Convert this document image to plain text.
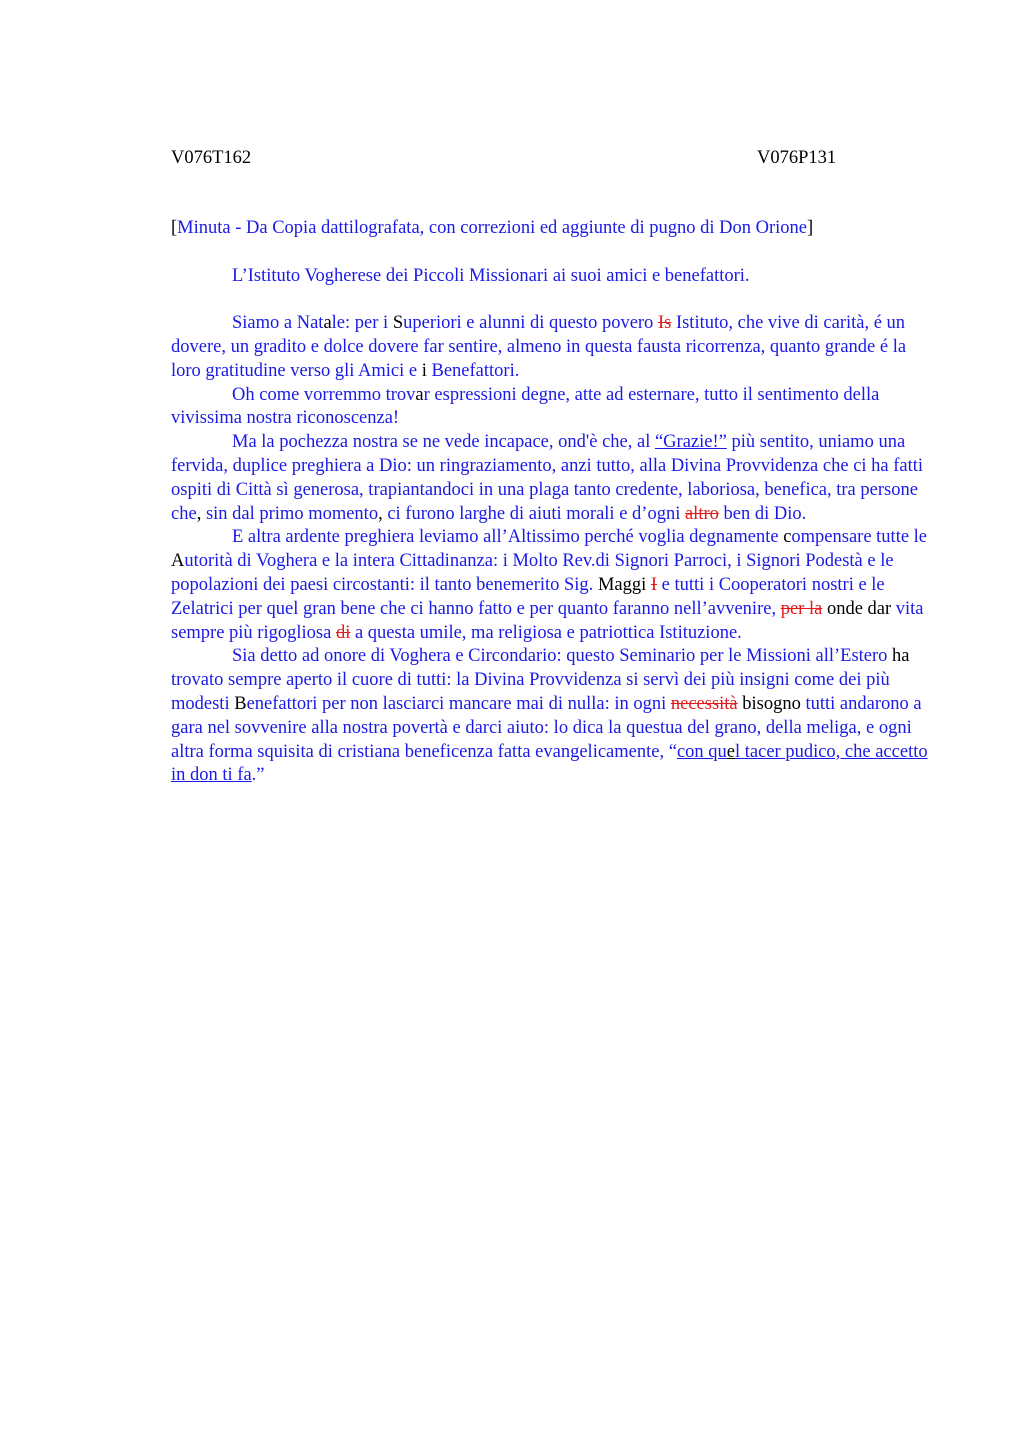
V076T162	V076P131

[Minuta - Da Copia dattilografata, con correzioni ed aggiunte di pugno di Don Orione]

L’Istituto Vogherese dei Piccoli Missionari ai suoi amici e benefattori.

Siamo a Natale: per i Superiori e alunni di questo povero Is Istituto, che vive di carità, é un dovere, un gradito e dolce dovere far sentire, almeno in questa fausta ricorrenza, quanto grande é la loro gratitudine verso gli Amici e i Benefattori.

Oh come vorremmo trovar espressioni degne, atte ad esternare, tutto il sentimento della vivissima nostra riconoscenza!

Ma la pochezza nostra se ne vede incapace, ond'è che, al “Grazie!” più sentito, uniamo una fervida, duplice preghiera a Dio: un ringraziamento, anzi tutto, alla Divina Provvidenza che ci ha fatti ospiti di Città sì generosa, trapiantandoci in una plaga tanto credente, laboriosa, benefica, tra persone che, sin dal primo momento, ci furono larghe di aiuti morali e d’ogni altro ben di Dio.

E altra ardente preghiera leviamo all’Altissimo perché voglia degnamente compensare tutte le Autorità di Voghera e la intera Cittadinanza: i Molto Rev.di Signori Parroci, i Signori Podestà e le popolazioni dei paesi circostanti: il tanto benemerito Sig. Maggi I e tutti i Cooperatori nostri e le Zelatrici per quel gran bene che ci hanno fatto e per quanto faranno nell’avvenire, per la onde dar vita sempre più rigogliosa di a questa umile, ma religiosa e patriottica Istituzione.

Sia detto ad onore di Voghera e Circondario: questo Seminario per le Missioni all’Estero ha trovato sempre aperto il cuore di tutti: la Divina Provvidenza si servì dei più insigni come dei più modesti Benefattori per non lasciarci mancare mai di nulla: in ogni necessità bisogno tutti andarono a gara nel sovvenire alla nostra povertà e darci aiuto: lo dica la questua del grano, della meliga, e ogni altra forma squisita di cristiana beneficenza fatta evangelicamente, “con quel tacer pudico, che accetto in don ti fa.”
